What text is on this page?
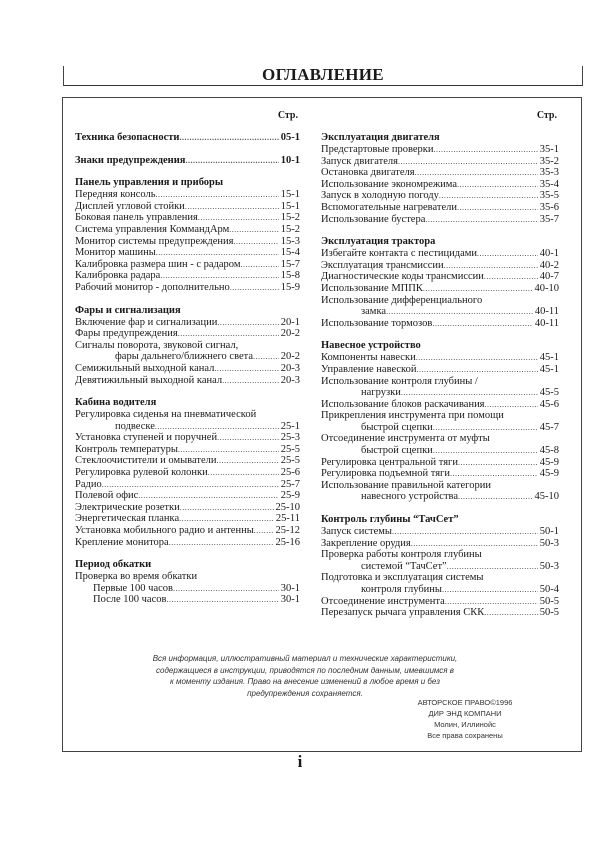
ОГЛАВЛЕНИЕ
Стр.
Техника безопасности .....	05-1
Знаки предупреждения .....	10-1
Панель управления и приборы
Передняя консоль .....	15-1
Дисплей угловой стойки .....	15-1
Боковая панель управления .....	15-2
Система управления КоммандАрм .....	15-2
Монитор системы предупреждения .....	15-3
Монитор машины .....	15-4
Калибровка размера шин - с радаром .....	15-7
Калибровка радара .....	15-8
Рабочий монитор - дополнительно .....	15-9
Фары и сигнализация
Включение фар и сигнализации .....	20-1
Фары предупреждения .....	20-2
Сигналы поворота, звуковой сигнал,
фары дальнего/ближнего света .....	20-2
Семижильный выходной канал .....	20-3
Девятижильный выходной канал .....	20-3
Кабина водителя
Регулировка сиденья на пневматической
подвеске .....	25-1
Установка ступеней и поручней .....	25-3
Контроль температуры .....	25-5
Стеклоочистители и омыватели .....	25-5
Регулировка рулевой колонки .....	25-6
Радио .....	25-7
Полевой офис .....	25-9
Электрические розетки .....	25-10
Энергетическая планка .....	25-11
Установка мобильного радио и антенны ..... 25-12
Крепление монитора .....	25-16
Период обкатки
Проверка во время обкатки
Первые 100 часов .....	30-1
После 100 часов .....	30-1
Стр.
Эксплуатация двигателя
Предстартовые проверки .....	35-1
Запуск двигателя .....	35-2
Остановка двигателя .....	35-3
Использование экономрежима .....	35-4
Запуск в холодную погоду .....	35-5
Вспомогательные нагреватели .....	35-6
Использование бустера .....	35-7
Эксплуатация трактора
Избегайте контакта с пестицидами .....	40-1
Эксплуатация трансмиссии .....	40-2
Диагностические коды трансмиссии .....	40-7
Использование МППК .....	40-10
Использование дифференциального
замка .....	40-11
Использование тормозов .....	40-11
Навесное устройство
Компоненты навески .....	45-1
Управление навеской .....	45-1
Использование контроля глубины /
нагрузки .....	45-5
Использование блоков раскачивания .....	45-6
Прикрепления инструмента при помощи
быстрой сцепки .....	45-7
Отсоединение инструмента от муфты
быстрой сцепки .....	45-8
Регулировка центральной тяги .....	45-9
Регулировка подъемной тяги .....	45-9
Использование правильной категории
навесного устройства .....	45-10
Контроль глубины “ТачСет”
Запуск системы .....	50-1
Закрепление орудия .....	50-3
Проверка работы контроля глубины
системой “ТачСет” .....	50-3
Подготовка и эксплуатация системы
контроля глубины .....	50-4
Отсоединение инструмента .....	50-5
Перезапуск рычага управления СКК .....	50-5
Вся информация, иллюстративный материал и технические характеристики,
содержащиеся в инструкции, приводятся по последним данным, имевшимся в
к моменту издания. Право на внесение изменений в любое время и без
предупреждения сохраняется.
АВТОРСКОЕ ПРАВО©1996
ДИР ЭНД КОМПАНИ
Молин, Иллинойс
Все права сохранены
i
